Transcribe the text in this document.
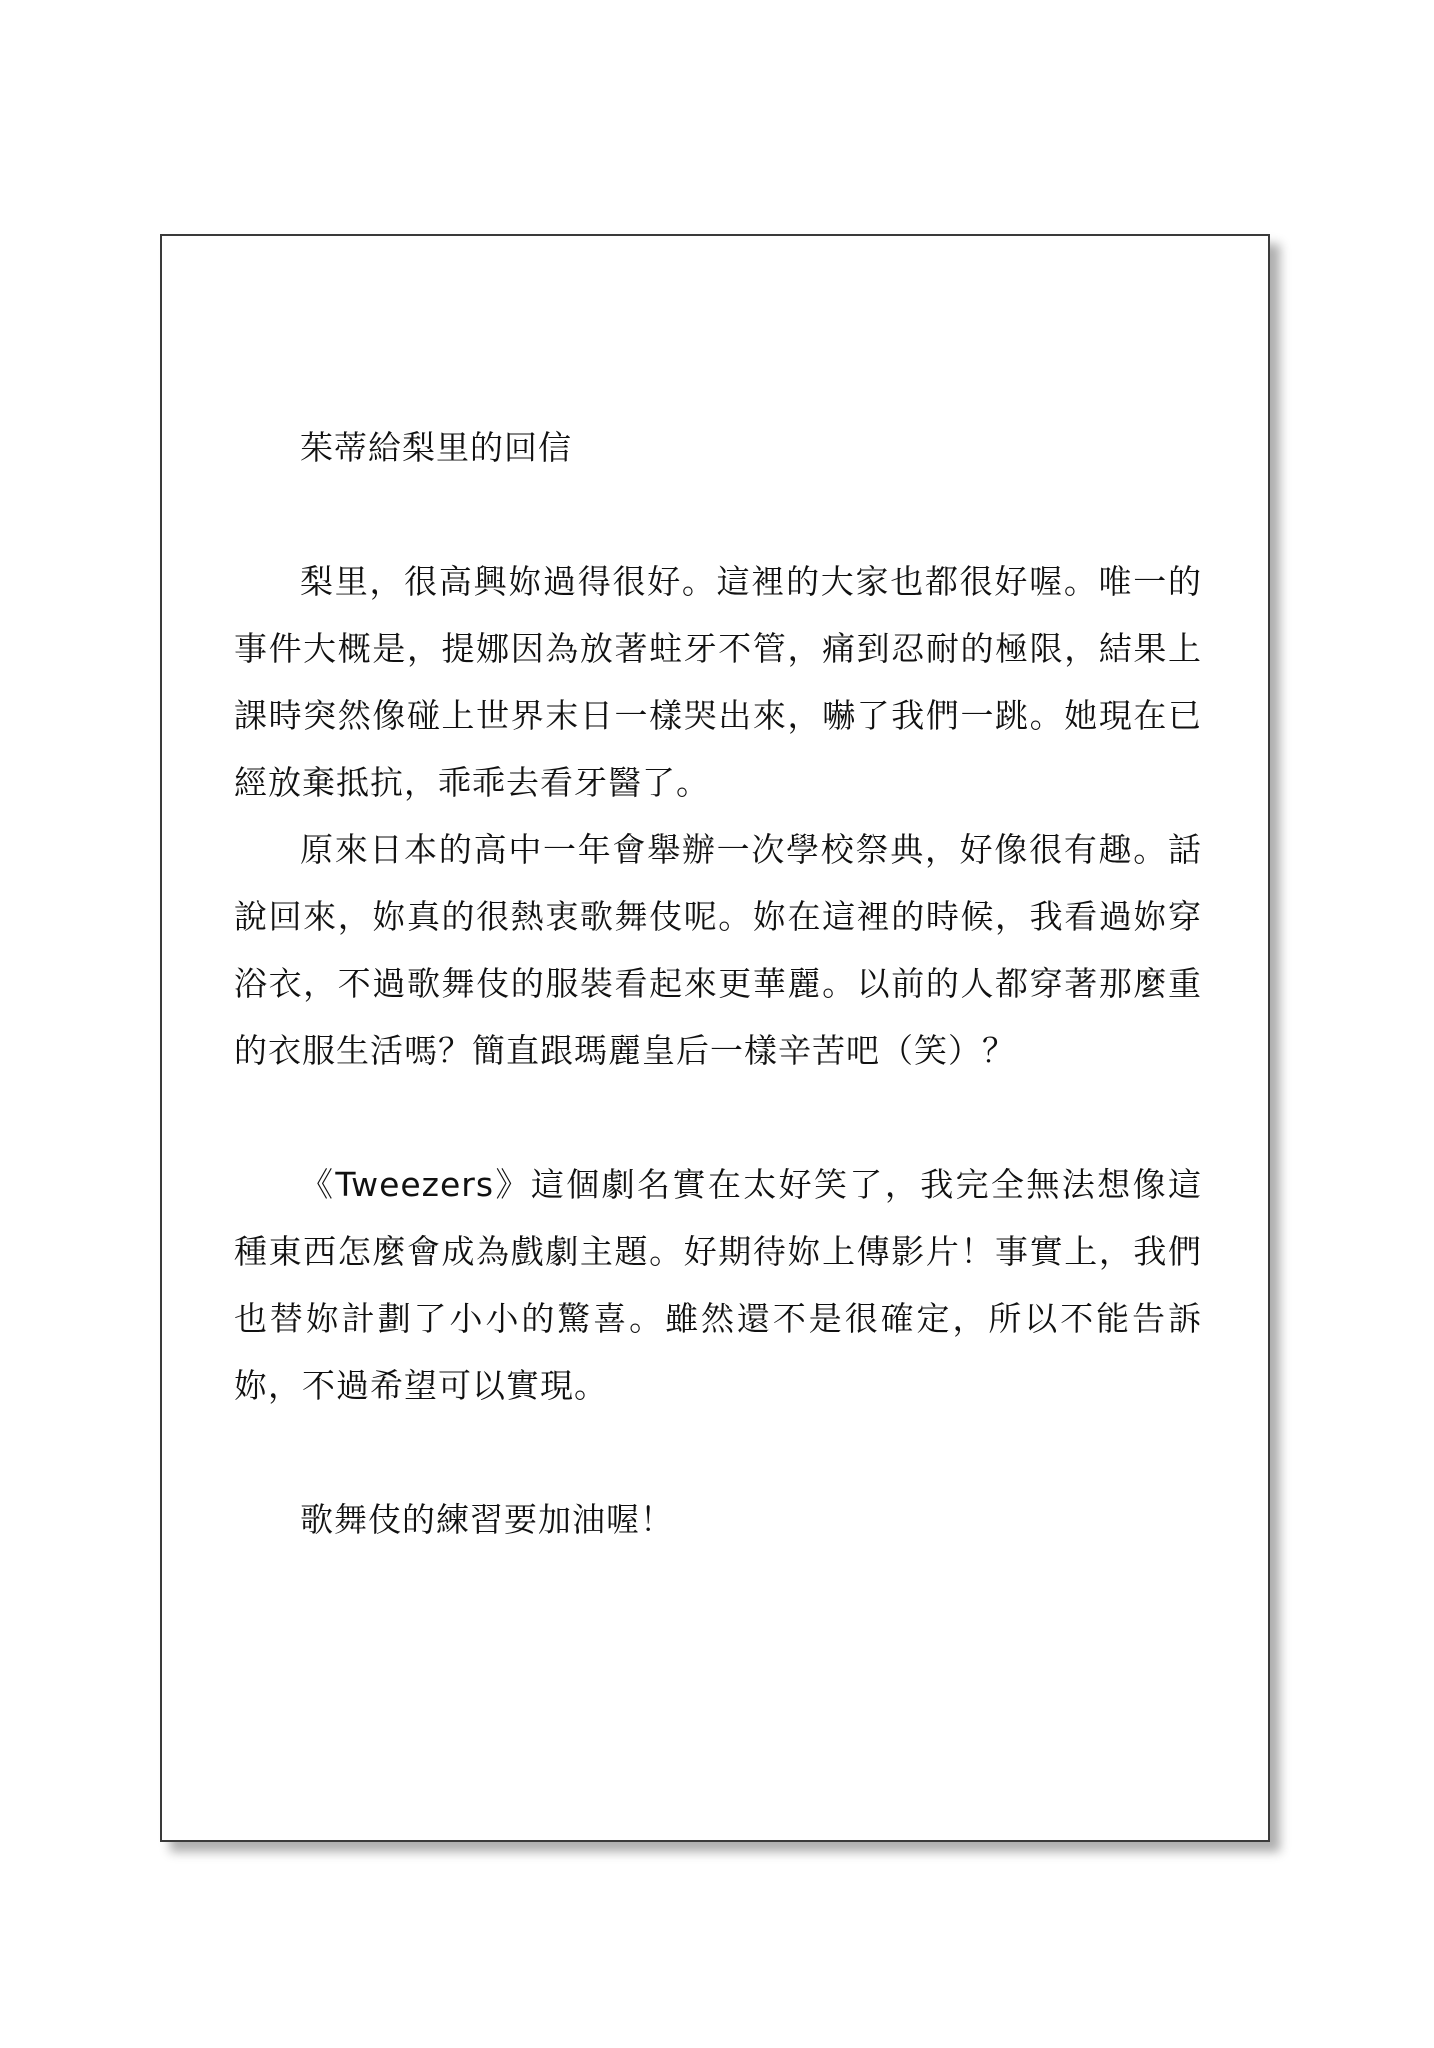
茱蒂給梨里的回信

梨里，很高興妳過得很好。這裡的大家也都很好喔。唯一的事件大概是，提娜因為放著蛀牙不管，痛到忍耐的極限，結果上課時突然像碰上世界末日一樣哭出來，嚇了我們一跳。她現在已經放棄抵抗，乖乖去看牙醫了。

原來日本的高中一年會舉辦一次學校祭典，好像很有趣。話說回來，妳真的很熱衷歌舞伎呢。妳在這裡的時候，我看過妳穿浴衣，不過歌舞伎的服裝看起來更華麗。以前的人都穿著那麼重的衣服生活嗎？簡直跟瑪麗皇后一樣辛苦吧（笑）？

《Tweezers》這個劇名實在太好笑了，我完全無法想像這種東西怎麼會成為戲劇主題。好期待妳上傳影片！事實上，我們也替妳計劃了小小的驚喜。雖然還不是很確定，所以不能告訴妳，不過希望可以實現。

歌舞伎的練習要加油喔！
